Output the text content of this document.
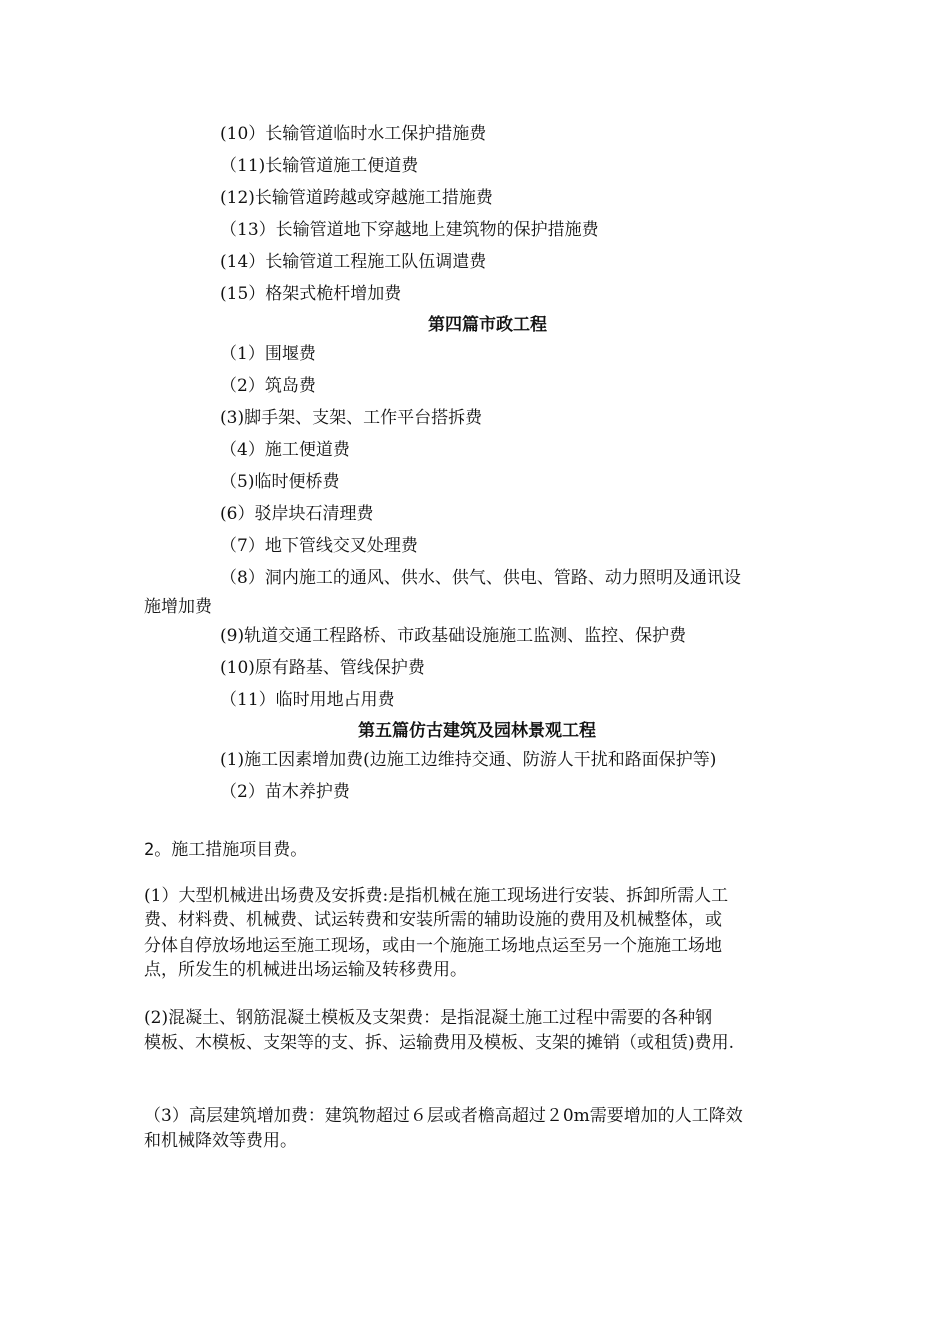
(10）长输管道临时水工保护措施费
（11)长输管道施工便道费
(12)长输管道跨越或穿越施工措施费
（13）长输管道地下穿越地上建筑物的保护措施费
(14）长输管道工程施工队伍调遣费
(15）格架式桅杆增加费
第四篇市政工程
（1）围堰费
（2）筑岛费
(3)脚手架、支架、工作平台搭拆费
（4）施工便道费
（5)临时便桥费
(6）驳岸块石清理费
（7）地下管线交叉处理费
（8）洞内施工的通风、供水、供气、供电、管路、动力照明及通讯设
施增加费
(9)轨道交通工程路桥、市政基础设施施工监测、监控、保护费
(10)原有路基、管线保护费
（11）临时用地占用费
第五篇仿古建筑及园林景观工程
(1)施工因素增加费(边施工边维持交通、防游人干扰和路面保护等)
（2）苗木养护费
2。施工措施项目费。
(1）大型机械进出场费及安拆费:是指机械在施工现场进行安装、拆卸所需人工
费、材料费、机械费、试运转费和安装所需的辅助设施的费用及机械整体，或
分体自停放场地运至施工现场，或由一个施施工场地点运至另一个施施工场地
点，所发生的机械进出场运输及转移费用。
(2)混凝土、钢筋混凝土模板及支架费：是指混凝土施工过程中需要的各种钢
模板、木模板、支架等的支、拆、运输费用及模板、支架的摊销（或租赁)费用.
（3）高层建筑增加费：建筑物超过６层或者檐高超过２0m需要增加的人工降效
和机械降效等费用。
